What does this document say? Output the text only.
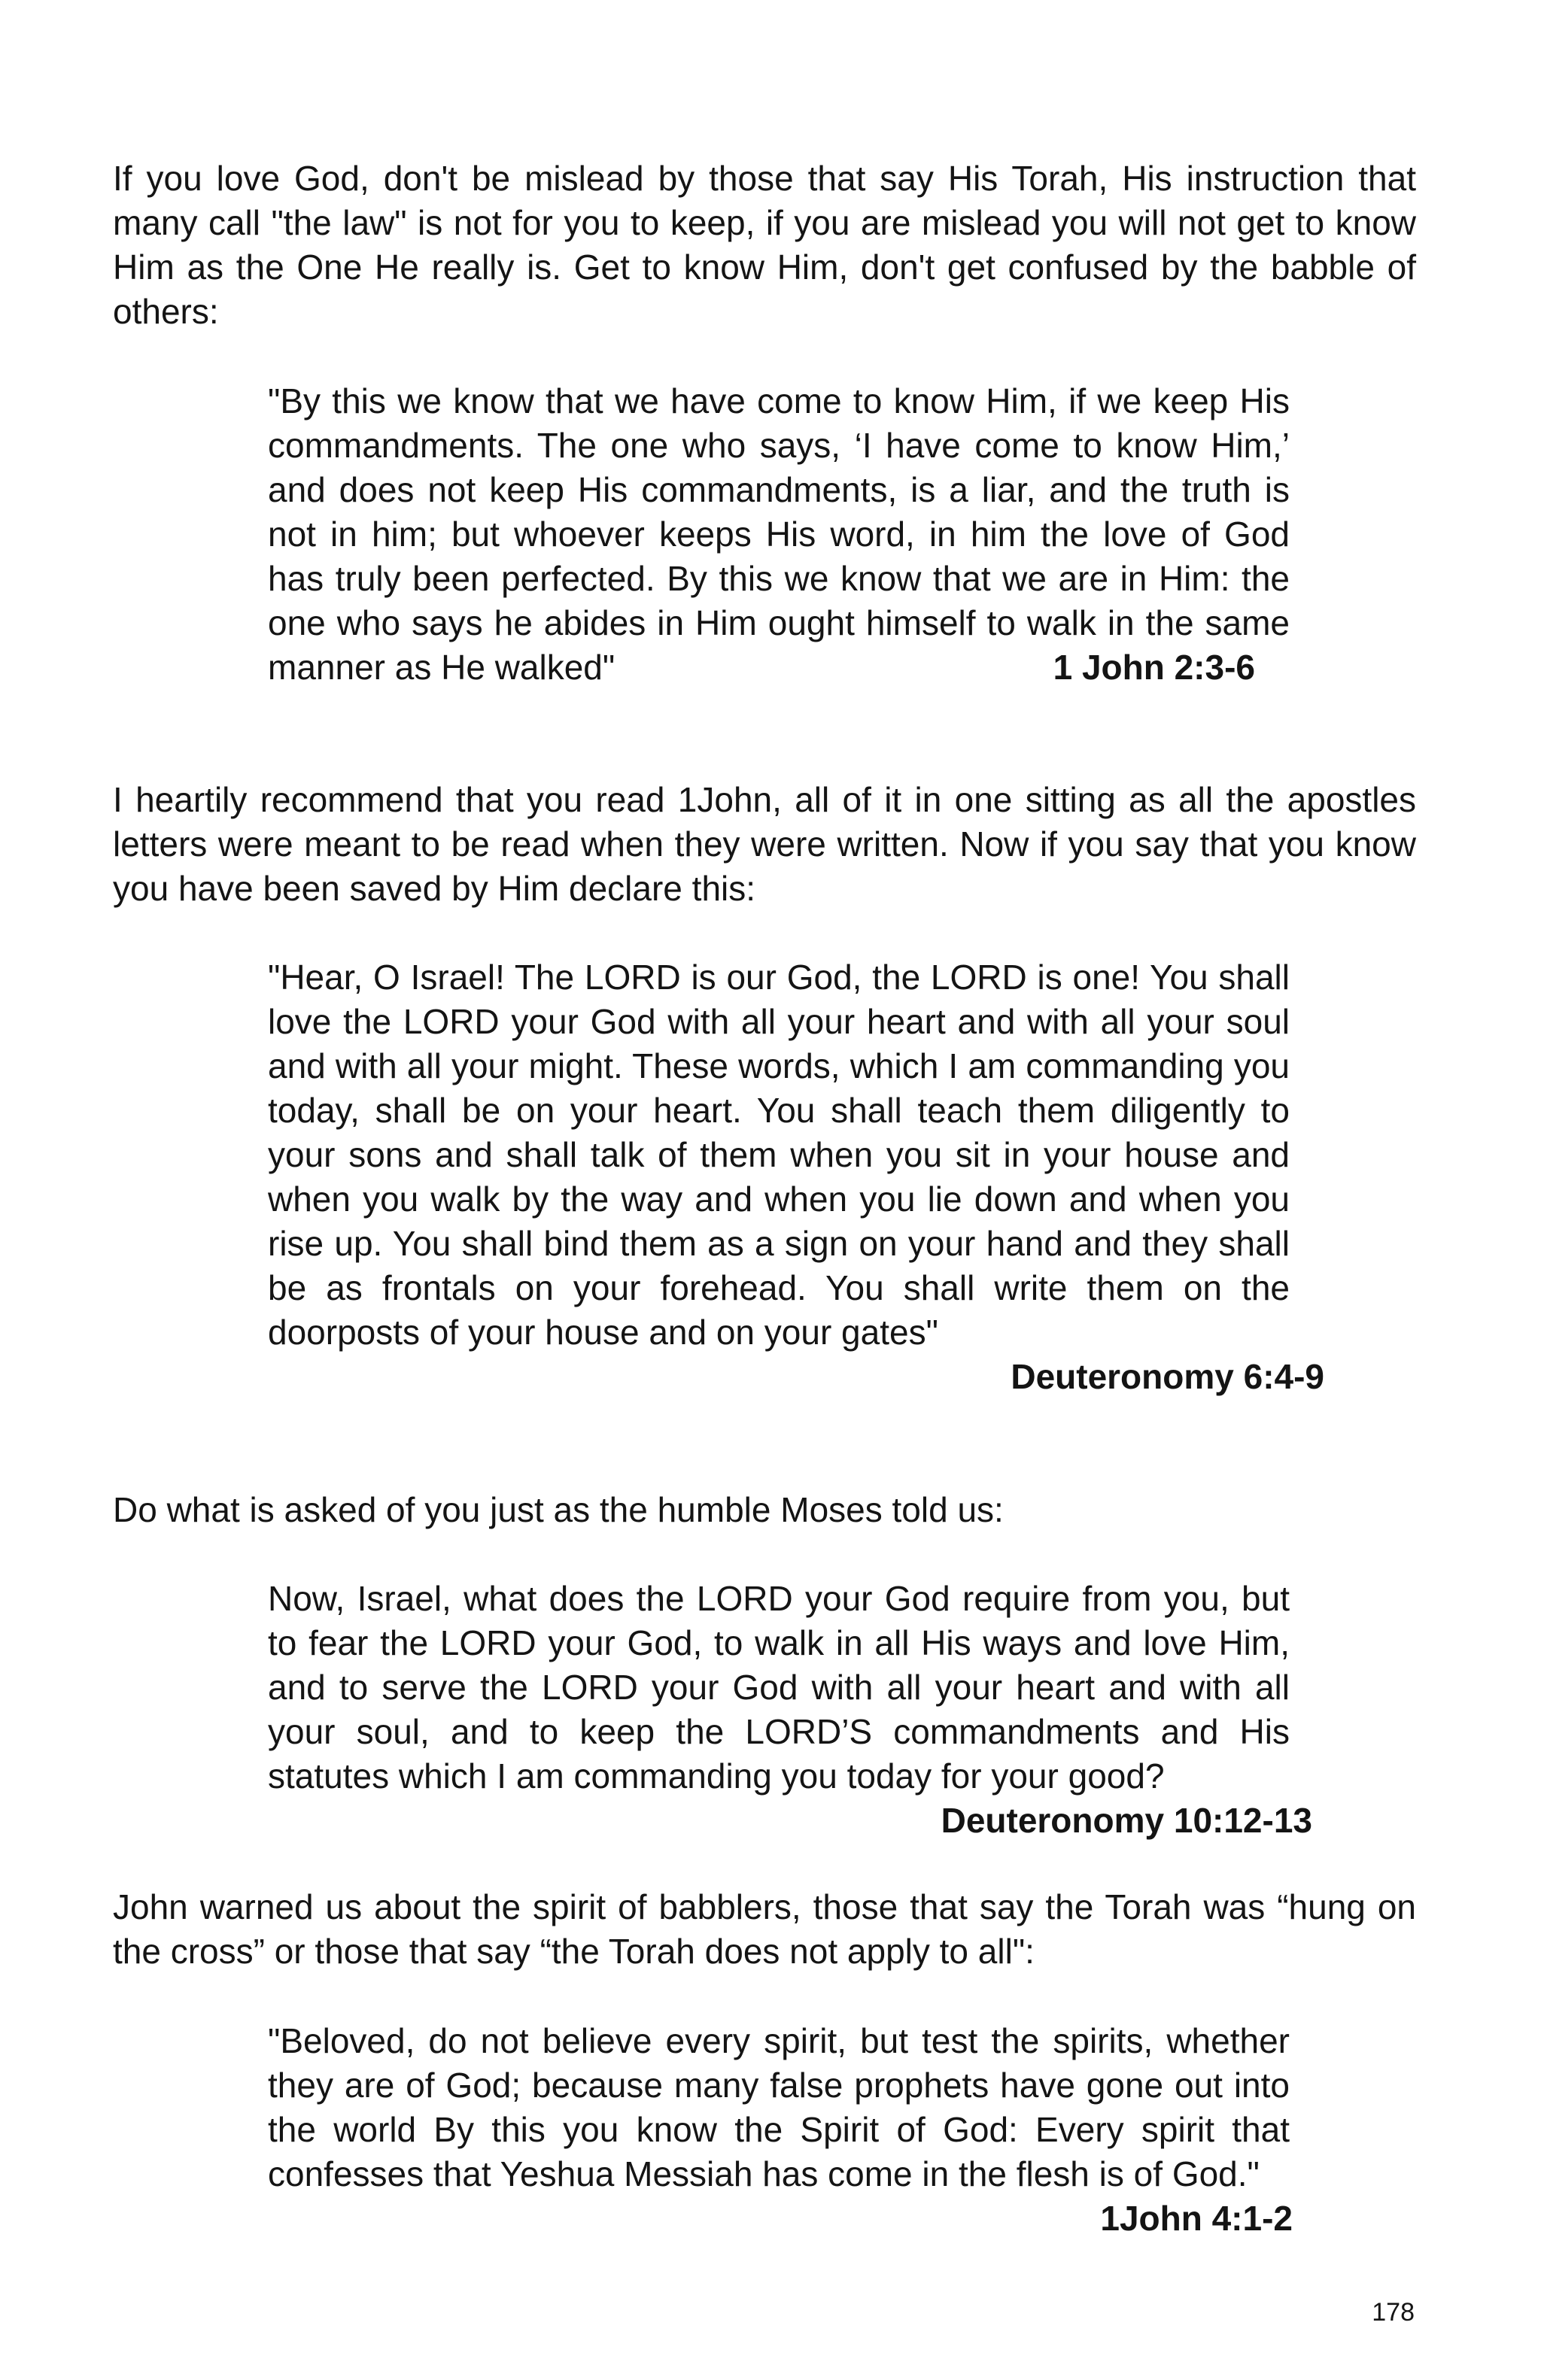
If you love God, don't be mislead by those that say His Torah, His instruction that many call "the law" is not for you to keep, if you are mislead you will not get to know Him as the One He really is. Get to know Him, don't get confused by the babble of others:

"By this we know that we have come to know Him, if we keep His commandments. The one who says, ‘I have come to know Him,’ and does not keep His commandments, is a liar, and the truth is not in him; but whoever keeps His word, in him the love of God has truly been perfected. By this we know that we are in Him: the one who says he abides in Him ought himself to walk in the same manner as He walked"	1 John 2:3-6

I heartily recommend that you read 1John, all of it in one sitting as all the apostles letters were meant to be read when they were written. Now if you say that you know you have been saved by Him declare this:

"Hear, O Israel! The LORD is our God, the LORD is one! You shall love the LORD your God with all your heart and with all your soul and with all your might. These words, which I am commanding you today, shall be on your heart. You shall teach them diligently to your sons and shall talk of them when you sit in your house and when you walk by the way and when you lie down and when you rise up. You shall bind them as a sign on your hand and they shall be as frontals on your forehead. You shall write them on the doorposts of your house and on your gates"
Deuteronomy 6:4-9

Do what is asked of you just as the humble Moses told us:

Now, Israel, what does the LORD your God require from you, but to fear the LORD your God, to walk in all His ways and love Him, and to serve the LORD your God with all your heart and with all your soul, and to keep the LORD’S commandments and His statutes which I am commanding you today for your good?
Deuteronomy 10:12-13

John warned us about the spirit of babblers, those that say the Torah was “hung on the cross” or those that say “the Torah does not apply to all":

"Beloved, do not believe every spirit, but test the spirits, whether they are of God; because many false prophets have gone out into the world By this you know the Spirit of God: Every spirit that confesses that Yeshua Messiah has come in the flesh is of God."
1John 4:1-2
178
